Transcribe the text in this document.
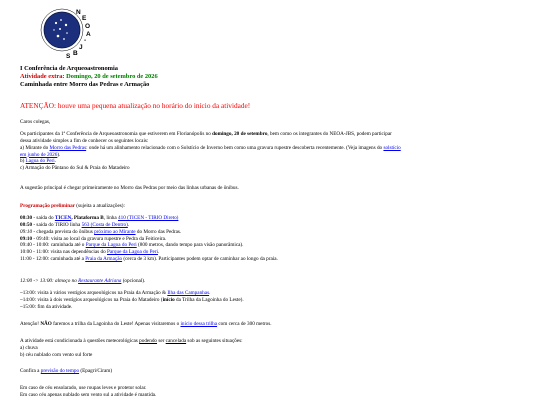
N
E
O
A
-
J
B
S
I Conferência de Arqueoastronomia
Atividade extra: Domingo, 20 de setembro de 2026
Caminhada entre Morro das Pedras e Armação
ATENÇÃO: houve uma pequena atualização no horário do início da atividade!

Caros colegas,

Os participantes da 1ª Conferência de Arqueoastronomia que estiverem em Florianópolis no domingo, 20 de setembro, bem como os integrantes do NEOA-JBS, podem participar

dessa atividade simples a fim de conhecer os seguintes locais:

a) Mirante do Morro das Pedras: onde há um alinhamento relacionado com o Solstício de Inverno bem como uma gravura rupestre descoberta recentemente. (Veja imagens do solstício

em junho de 2026).

b) Lagoa do Peri.

c) Armação do Pântano do Sul & Praia do Matadeiro

A sugestão principal é chegar primeiramente no Morro das Pedras por meio das linhas urbanas de ônibus.

Programação preliminar (sujeita a atualizações):

08:30 - saída do TICEN, Plataforma B, linha 410 (TICEN - TIRIO Direto)

08:50 - saída do TIRIO linha 563 (Costa de Dentro).

09:10 - chegada prevista do ônibus próximo ao Mirante do Morro das Pedras.

09:10 - 09:40: visita ao local da gravura rupestre e Pedra da Feiticeira.

09:40 - 10:00: caminhada até o Parque da Lagoa do Peri (800 metros, dando tempo para visão panorâmica).

10:00 - 11:00: visita nas dependências do Parque da Lagoa do Peri.

11:00 - 12:00: caminhada até a Praia da Armação (cerca de 3 km). Participantes podem optar de caminhar ao longo da praia.

12:00 -> 13:00: almoço no Restaurante Adriana (opcional).

~13:00: visita à vários vestígios arqueológicos na Praia da Armação & Ilha das Campanhas.

~14:00: visita à dois vestígios arqueológicos na Praia do Matadeiro (início da Trilha da Lagoinha do Leste).

~15:00: fim da atividade.

Atenção! NÃO faremos a trilha da Lagoinha do Leste! Apenas visitaremos o início dessa trilha com cerca de 300 metros.

A atividade está condicionada à questões meteorológicas podendo ser cancelada sob as seguintes situações:

a) chuva

b) céu nublado com vento sul forte

Confira a previsão do tempo (Epagri/Ciram)

Em caso de céu ensolarado, use roupas leves e protetor solar.

Em caso céu apenas nublado sem vento sul a atividade é mantida.
